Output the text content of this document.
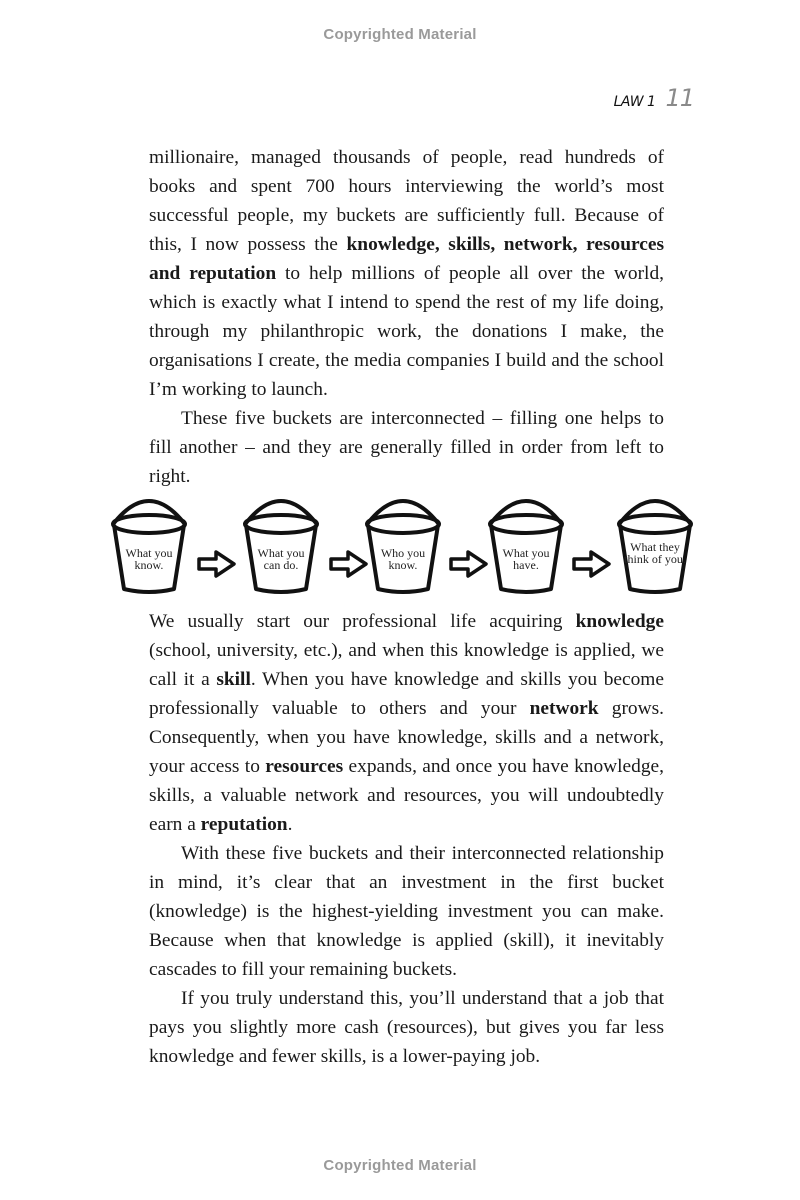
Copyrighted Material
LAW 1 11

millionaire, managed thousands of people, read hundreds of books and spent 700 hours interviewing the world’s most successful people, my buckets are sufficiently full. Because of this, I now possess the knowledge, skills, network, resources and reputation to help millions of people all over the world, which is exactly what I intend to spend the rest of my life doing, through my philanthropic work, the donations I make, the organisations I create, the media companies I build and the school I’m working to launch.

These five buckets are interconnected – filling one helps to fill another – and they are generally filled in order from left to right.

What you know.
What you can do.
Who you know.
What you have.
What they think of you.

We usually start our professional life acquiring knowledge (school, university, etc.), and when this knowledge is applied, we call it a skill. When you have knowledge and skills you become professionally valuable to others and your network grows. Consequently, when you have knowledge, skills and a network, your access to resources expands, and once you have knowledge, skills, a valuable network and resources, you will undoubtedly earn a reputation.

With these five buckets and their interconnected relationship in mind, it’s clear that an investment in the first bucket (knowledge) is the highest-yielding investment you can make. Because when that knowledge is applied (skill), it inevitably cascades to fill your remaining buckets.

If you truly understand this, you’ll understand that a job that pays you slightly more cash (resources), but gives you far less knowledge and fewer skills, is a lower-paying job.

Copyrighted Material
